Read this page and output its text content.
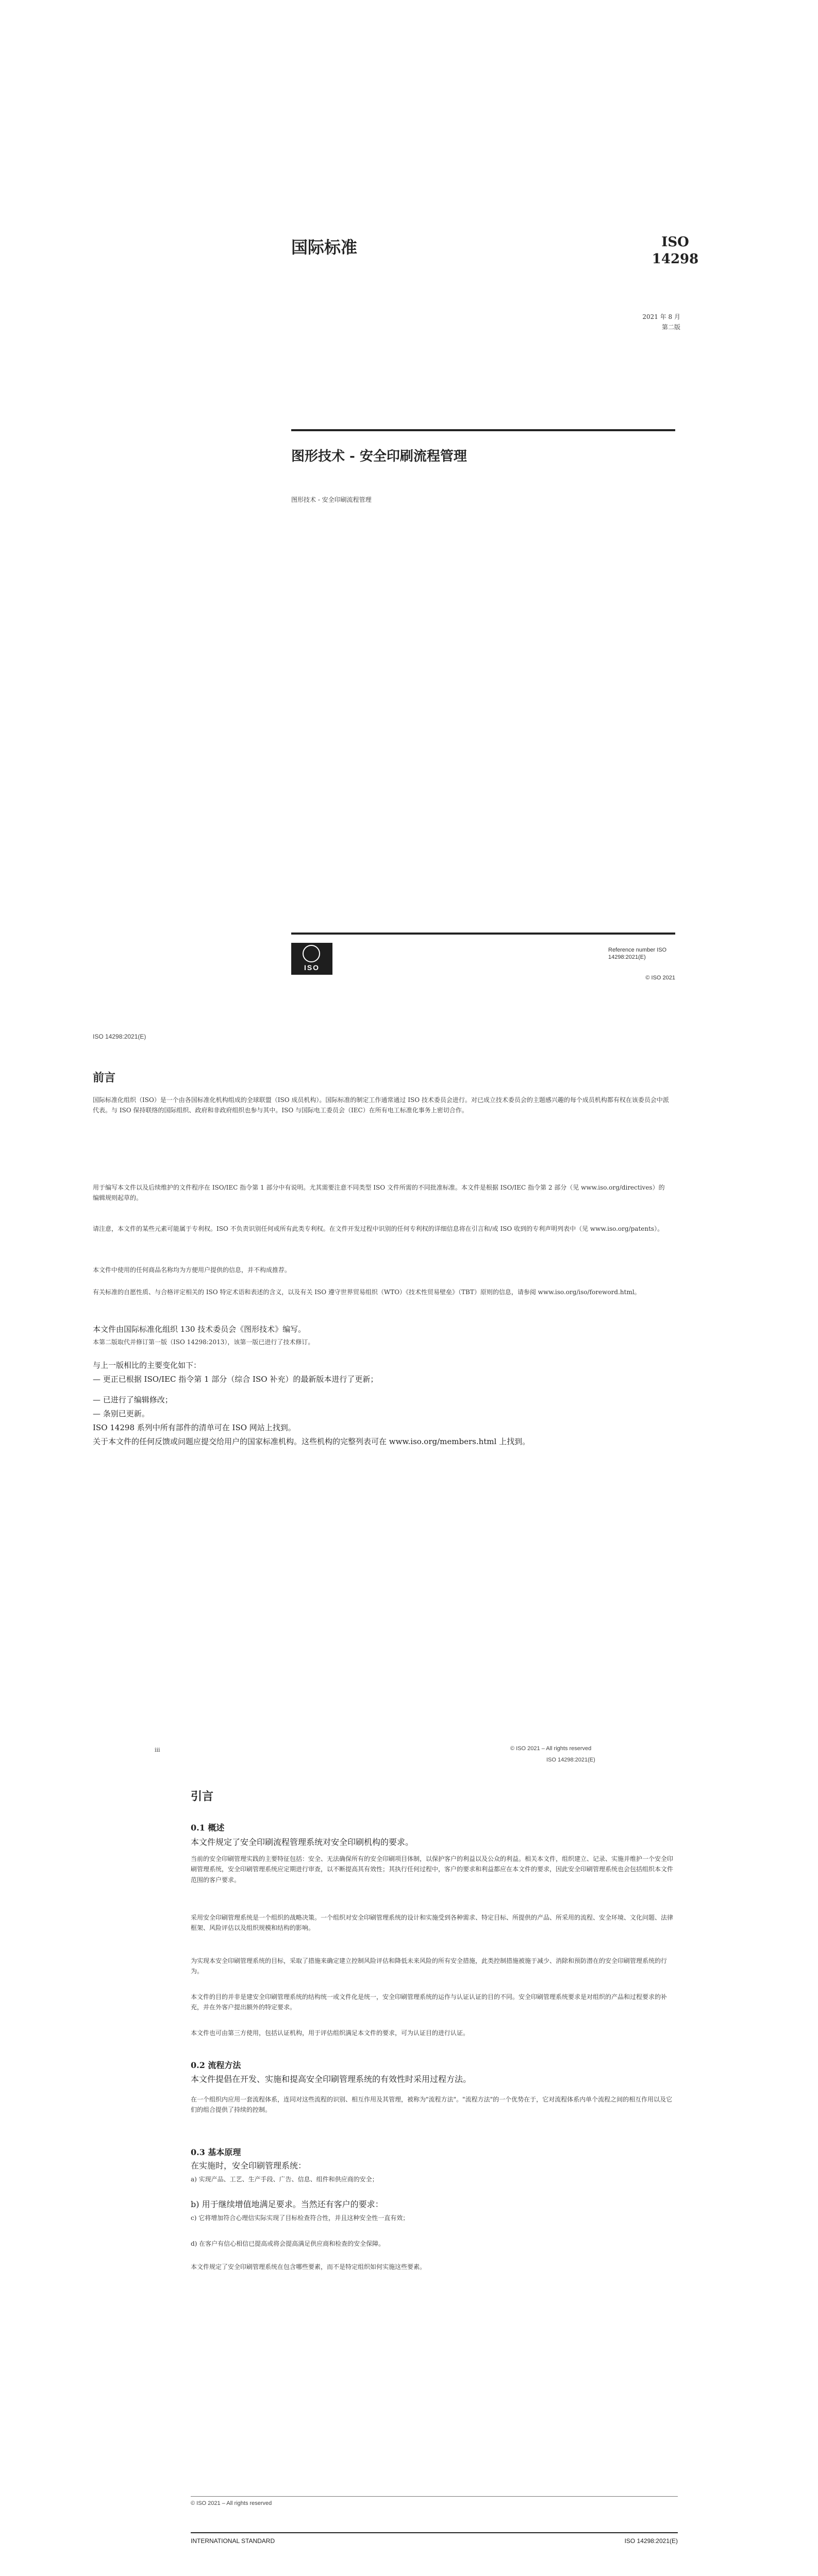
国际标准	ISO
14298
2021 年 8 月
第二版
图形技术 - 安全印刷流程管理
图形技术 - 安全印刷流程管理
ISO
Reference number ISO
14298:2021(E)
© ISO 2021
ISO 14298:2021(E)
前言
国际标准化组织（ISO）是一个由各国标准化机构组成的全球联盟（ISO 成员机构）。国际标准的制定工作通常通过 ISO 技术委员会进行。对已成立技术委员会的主题感兴趣的每个成员机构都有权在该委员会中派代表。与 ISO 保持联络的国际组织、政府和非政府组织也参与其中。ISO 与国际电工委员会（IEC）在所有电工标准化事务上密切合作。
用于编写本文件以及后续维护的文件程序在 ISO/IEC 指令第 1 部分中有说明。尤其需要注意不同类型 ISO 文件所需的不同批准标准。本文件是根据 ISO/IEC 指令第 2 部分（见 www.iso.org/directives）的编辑规则起草的。
请注意，本文件的某些元素可能属于专利权。ISO 不负责识别任何或所有此类专利权。在文件开发过程中识别的任何专利权的详细信息将在引言和/或 ISO 收到的专利声明列表中（见 www.iso.org/patents）。
本文件中使用的任何商品名称均为方便用户提供的信息，并不构成推荐。
有关标准的自愿性质、与合格评定相关的 ISO 特定术语和表述的含义，以及有关 ISO 遵守世界贸易组织（WTO）《技术性贸易壁垒》（TBT）原则的信息，请参阅 www.iso.org/iso/foreword.html。
本文件由国际标准化组织 130 技术委员会《图形技术》编写。
本第二版取代并修订第一版（ISO 14298:2013），该第一版已进行了技术修订。
与上一版相比的主要变化如下：
— 更正已根据 ISO/IEC 指令第 1 部分（综合 ISO 补充）的最新版本进行了更新；
— 已进行了编辑修改；
— 条别已更新。
ISO 14298 系列中所有部件的清单可在 ISO 网站上找到。
关于本文件的任何反馈或问题应提交给用户的国家标准机构。这些机构的完整列表可在 www.iso.org/members.html 上找到。
iii	© ISO 2021 – All rights reserved
ISO 14298:2021(E)
引言
0.1 概述
本文件规定了安全印刷流程管理系统对安全印刷机构的要求。
当前的安全印刷管理实践的主要特征包括：安全、无法确保所有的安全印刷项目体制，以保护客户的利益以及公众的利益。相关本文件，组织建立、记录、实施并维护一个安全印刷管理系统，安全印刷管理系统应定期进行审查，以不断提高其有效性；其执行任何过程中，客户的要求和利益都应在本文件的要求，因此安全印刷管理系统也会包括组织本文件范围的客户要求。
采用安全印刷管理系统是一个组织的战略决策。一个组织对安全印刷管理系统的设计和实施受到各种需求、特定目标、所提供的产品、所采用的流程、安全环境、文化问题、法律框架、风险评估以及组织规模和结构的影响。
为实现本安全印刷管理系统的目标，采取了措施来确定建立控制风险评估和降低未来风险的所有安全措施，此类控制措施被施于减少、消除和预防潜在的安全印刷管理系统的行为。
本文件的目的并非是建安全印刷管理系统的结构统一或文件化是统一，安全印刷管理系统的运作与认证认证的目的不同。安全印刷管理系统要求是对组织的产品和过程要求的补充，并在外客户提出额外的特定要求。
本文件也可由第三方使用，包括认证机构，用于评估组织满足本文件的要求，可为认证目的进行认证。
0.2 流程方法
本文件提倡在开发、实施和提高安全印刷管理系统的有效性时采用过程方法。
在一个组织内应用一套流程体系，连同对这些流程的识别、相互作用及其管理，被称为"流程方法"。"流程方法"的一个优势在于，它对流程体系内单个流程之间的相互作用以及它们的组合提供了持续的控制。
0.3 基本原理
在实施时，安全印刷管理系统：
a) 实现产品、工艺、生产手段、广告、信息、组件和供应商的安全；
b) 用于继续增值地满足要求。当然还有客户的要求：
c) 它将增加符合心理信实际实现了目标检查符合性，并且这种安全性一直有效；
d) 在客户有信心相信已提高或将会提高满足供应商和检查的安全保障。
本文件规定了安全印刷管理系统在包含哪些要素，而不是特定组织如何实施这些要素。
© ISO 2021 – All rights reserved
INTERNATIONAL STANDARD	ISO 14298:2021(E)
